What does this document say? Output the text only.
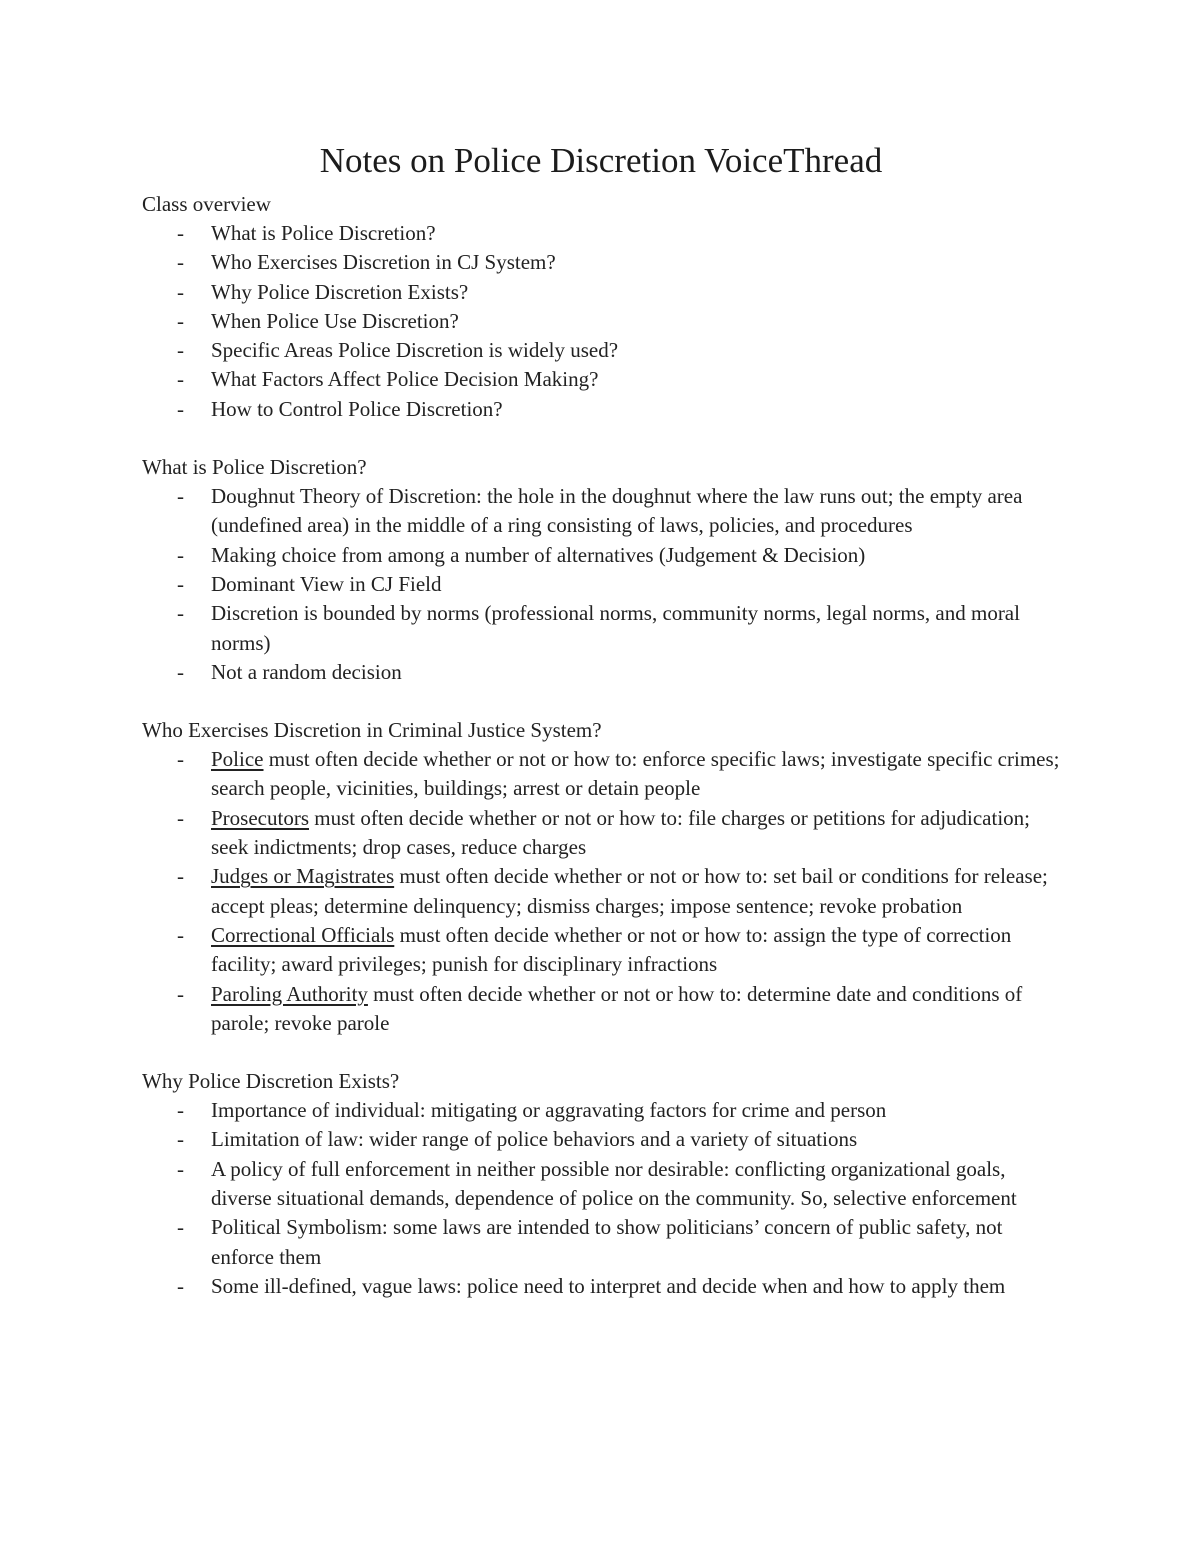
Notes on Police Discretion VoiceThread

Class overview

- What is Police Discretion?
- Who Exercises Discretion in CJ System?
- Why Police Discretion Exists?
- When Police Use Discretion?
- Specific Areas Police Discretion is widely used?
- What Factors Affect Police Decision Making?
- How to Control Police Discretion?

What is Police Discretion?

- Doughnut Theory of Discretion: the hole in the doughnut where the law runs out; the empty area (undefined area) in the middle of a ring consisting of laws, policies, and procedures
- Making choice from among a number of alternatives (Judgement & Decision)
- Dominant View in CJ Field
- Discretion is bounded by norms (professional norms, community norms, legal norms, and moral norms)
- Not a random decision

Who Exercises Discretion in Criminal Justice System?

- Police must often decide whether or not or how to: enforce specific laws; investigate specific crimes; search people, vicinities, buildings; arrest or detain people
- Prosecutors must often decide whether or not or how to: file charges or petitions for adjudication; seek indictments; drop cases, reduce charges
- Judges or Magistrates must often decide whether or not or how to: set bail or conditions for release; accept pleas; determine delinquency; dismiss charges; impose sentence; revoke probation
- Correctional Officials must often decide whether or not or how to: assign the type of correction facility; award privileges; punish for disciplinary infractions
- Paroling Authority must often decide whether or not or how to: determine date and conditions of parole; revoke parole

Why Police Discretion Exists?

- Importance of individual: mitigating or aggravating factors for crime and person
- Limitation of law: wider range of police behaviors and a variety of situations
- A policy of full enforcement in neither possible nor desirable: conflicting organizational goals, diverse situational demands, dependence of police on the community. So, selective enforcement
- Political Symbolism: some laws are intended to show politicians’ concern of public safety, not enforce them
- Some ill-defined, vague laws: police need to interpret and decide when and how to apply them
